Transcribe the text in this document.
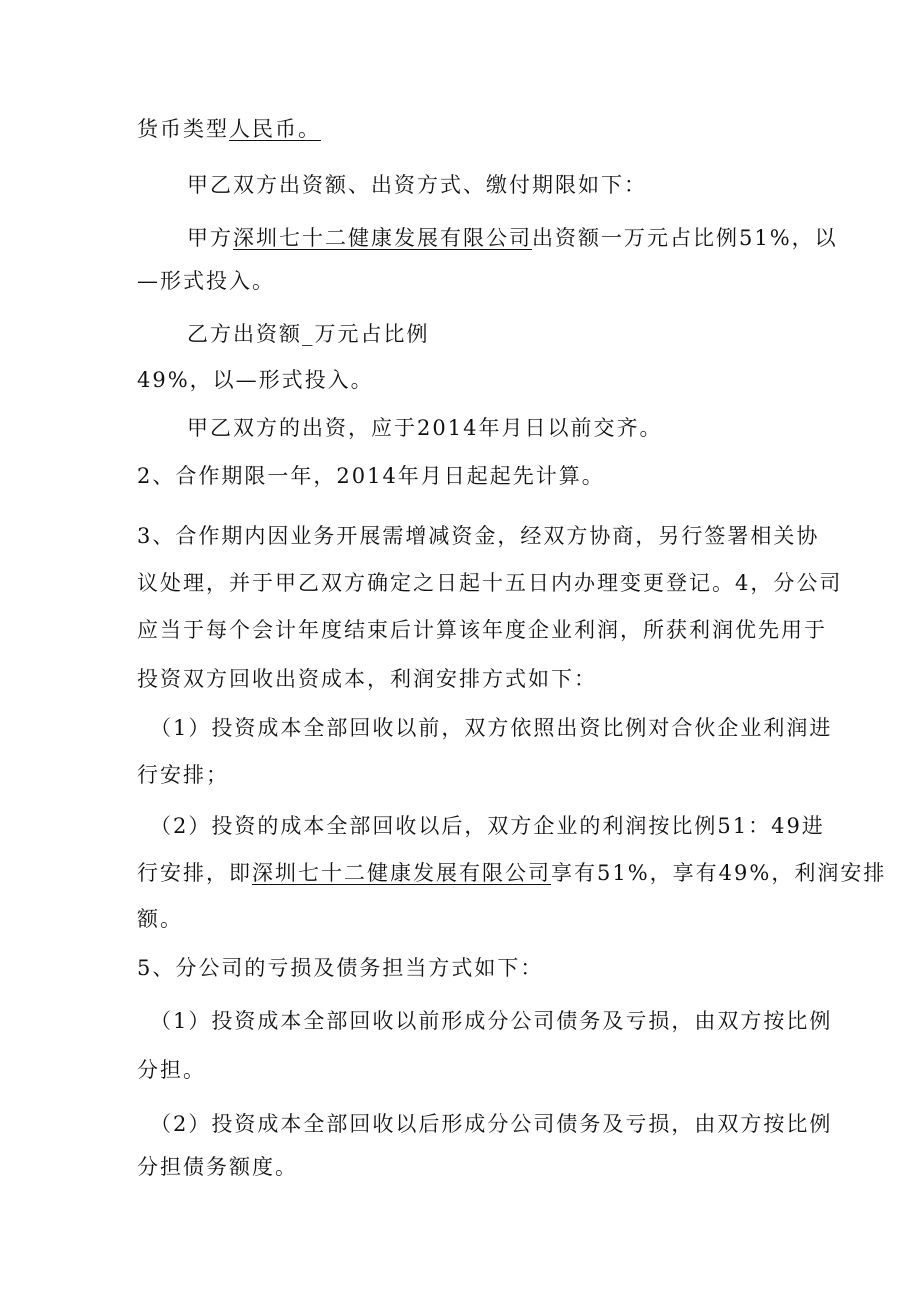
货币类型人民币。
甲乙双方出资额、出资方式、缴付期限如下：
甲方深圳七十二健康发展有限公司出资额一万元占比例51%，以
—形式投入。
乙方出资额_万元占比例
49%，以—形式投入。
甲乙双方的出资，应于2014年月日以前交齐。
2、合作期限一年，2014年月日起起先计算。
3、合作期内因业务开展需增减资金，经双方协商，另行签署相关协
议处理，并于甲乙双方确定之日起十五日内办理变更登记。4，分公司
应当于每个会计年度结束后计算该年度企业利润，所获利润优先用于
投资双方回收出资成本，利润安排方式如下：
（1）投资成本全部回收以前，双方依照出资比例对合伙企业利润进
行安排；
（2）投资的成本全部回收以后，双方企业的利润按比例51：49进
行安排，即深圳七十二健康发展有限公司享有51%，享有49%，利润安排
额。
5、分公司的亏损及债务担当方式如下：
（1）投资成本全部回收以前形成分公司债务及亏损，由双方按比例
分担。
（2）投资成本全部回收以后形成分公司债务及亏损，由双方按比例
分担债务额度。
